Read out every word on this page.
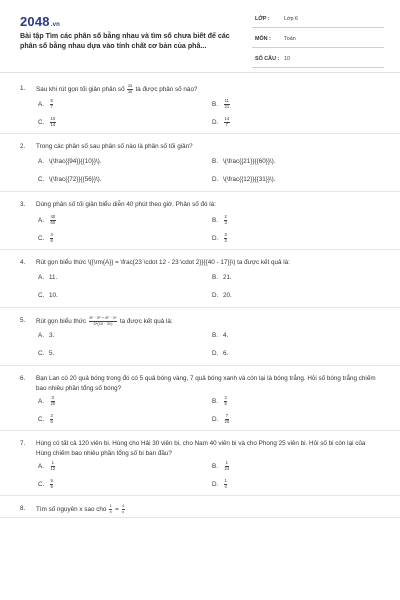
2048.vn
Bài tập Tìm các phân số bằng nhau và tìm số chưa biết để các phân số bằng nhau dựa vào tính chất cơ bản của phâ...
LỚP :	Lớp 6
MÔN : Toán
SỐ CÂU : 10
1. Sau khi rút gọn tối giản phân số $\frac{25}{35}$ ta được phân số nào?
A. $\frac{5}{7}$	B. $\frac{11}{21}$
C. $\frac{10}{14}$	D. $\frac{14}{7}$
2. Trong các phân số sau phân số nào là phân số tối giản?
A. \(\frac{{94}}{{10}}\).	B. \(\frac{{21}}{{60}}\).
C. \(\frac{{72}}{{56}}\).	D. \(\frac{{12}}{{31}}\).
3. Dùng phân số tối giản biểu diễn 40 phút theo giờ. Phân số đó là:
A. $\frac{40}{60}$	B. $\frac{2}{3}$
C. $\frac{4}{6}$	D. $\frac{3}{2}$
4. Rút gọn biểu thức \({\rm{A}} = \frac{23 \cdot 12 - 23 \cdot 2}}{{40 - 17}}\) ta được kết quả là:
A. 11.	B. 21.
C. 10.	D. 20.
5. Rút gọn biểu thức $\frac{\text{6⁵ · 3⁵ + 6⁵ · 3⁴}}{\text{3⁴(10 · 31)}}$ ta được kết quả là:
A. 3.	B. 4.
C. 5.	D. 6.
6. Bạn Lan có 20 quả bóng trong đó có 5 quả bóng vàng, 7 quả bóng xanh và còn lại là bóng trắng. Hỏi số bóng trắng chiếm bao nhiêu phần tổng số bóng?
A. $\frac{3}{20}$	B. $\frac{2}{5}$
C. $\frac{3}{5}$	D. $\frac{7}{20}$
7. Hùng có tất cả 120 viên bi. Hùng cho Hải 30 viên bi, cho Nam 40 viên bi và cho Phong 25 viên bi. Hỏi số bi còn lại của Hùng chiếm bao nhiêu phần tổng số bi ban đầu?
A. $\frac{1}{12}$	B. $\frac{1}{24}$
C. $\frac{5}{6}$	D. $\frac{1}{4}$
8. Tìm số nguyên x sao cho $\frac{1}{x} = \frac{4}{x}$
